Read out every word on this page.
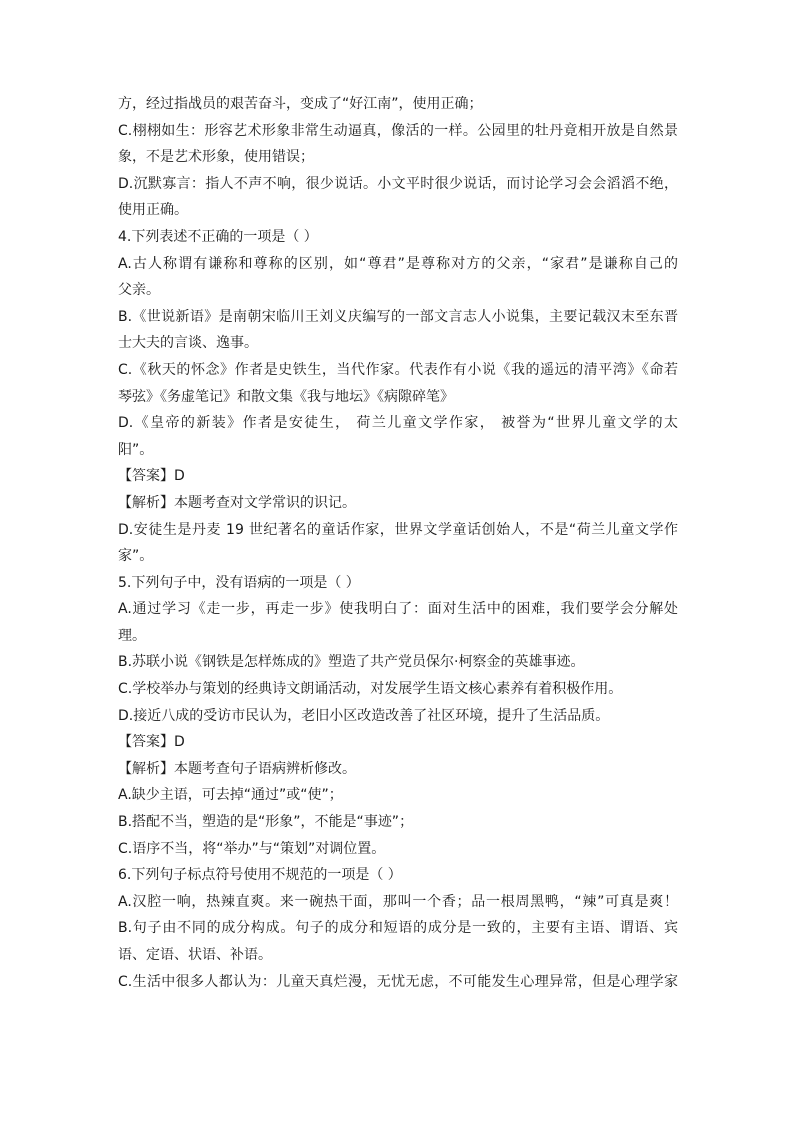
方，经过指战员的艰苦奋斗，变成了“好江南”，使用正确；
C.栩栩如生：形容艺术形象非常生动逼真，像活的一样。公园里的牡丹竟相开放是自然景
象，不是艺术形象，使用错误；
D.沉默寡言：指人不声不响，很少说话。小文平时很少说话，而讨论学习会会滔滔不绝，
使用正确。
4.下列表述不正确的一项是（ ）
A.古人称谓有谦称和尊称的区别，如“尊君”是尊称对方的父亲，“家君”是谦称自己的
父亲。
B.《世说新语》是南朝宋临川王刘义庆编写的一部文言志人小说集，主要记载汉末至东晋
士大夫的言谈、逸事。
C.《秋天的怀念》作者是史铁生，当代作家。代表作有小说《我的遥远的清平湾》《命若
琴弦》《务虚笔记》和散文集《我与地坛》《病隙碎笔》
D.《皇帝的新装》作者是安徒生， 荷兰儿童文学作家， 被誉为“世界儿童文学的太
阳”。
【答案】D
【解析】本题考查对文学常识的识记。
D.安徒生是丹麦 19 世纪著名的童话作家，世界文学童话创始人，不是“荷兰儿童文学作
家”。
5.下列句子中，没有语病的一项是（ ）
A.通过学习《走一步，再走一步》使我明白了：面对生活中的困难，我们要学会分解处
理。
B.苏联小说《钢铁是怎样炼成的》塑造了共产党员保尔·柯察金的英雄事迹。
C.学校举办与策划的经典诗文朗诵活动，对发展学生语文核心素养有着积极作用。
D.接近八成的受访市民认为，老旧小区改造改善了社区环境，提升了生活品质。
【答案】D
【解析】本题考查句子语病辨析修改。
A.缺少主语，可去掉“通过”或“使”；
B.搭配不当，塑造的是“形象”，不能是“事迹”；
C.语序不当，将“举办”与“策划”对调位置。
6.下列句子标点符号使用不规范的一项是（ ）
A.汉腔一响，热辣直爽。来一碗热干面，那叫一个香；品一根周黑鸭，“辣”可真是爽！
B.句子由不同的成分构成。句子的成分和短语的成分是一致的，主要有主语、谓语、宾
语、定语、状语、补语。
C.生活中很多人都认为：儿童天真烂漫，无忧无虑，不可能发生心理异常，但是心理学家
